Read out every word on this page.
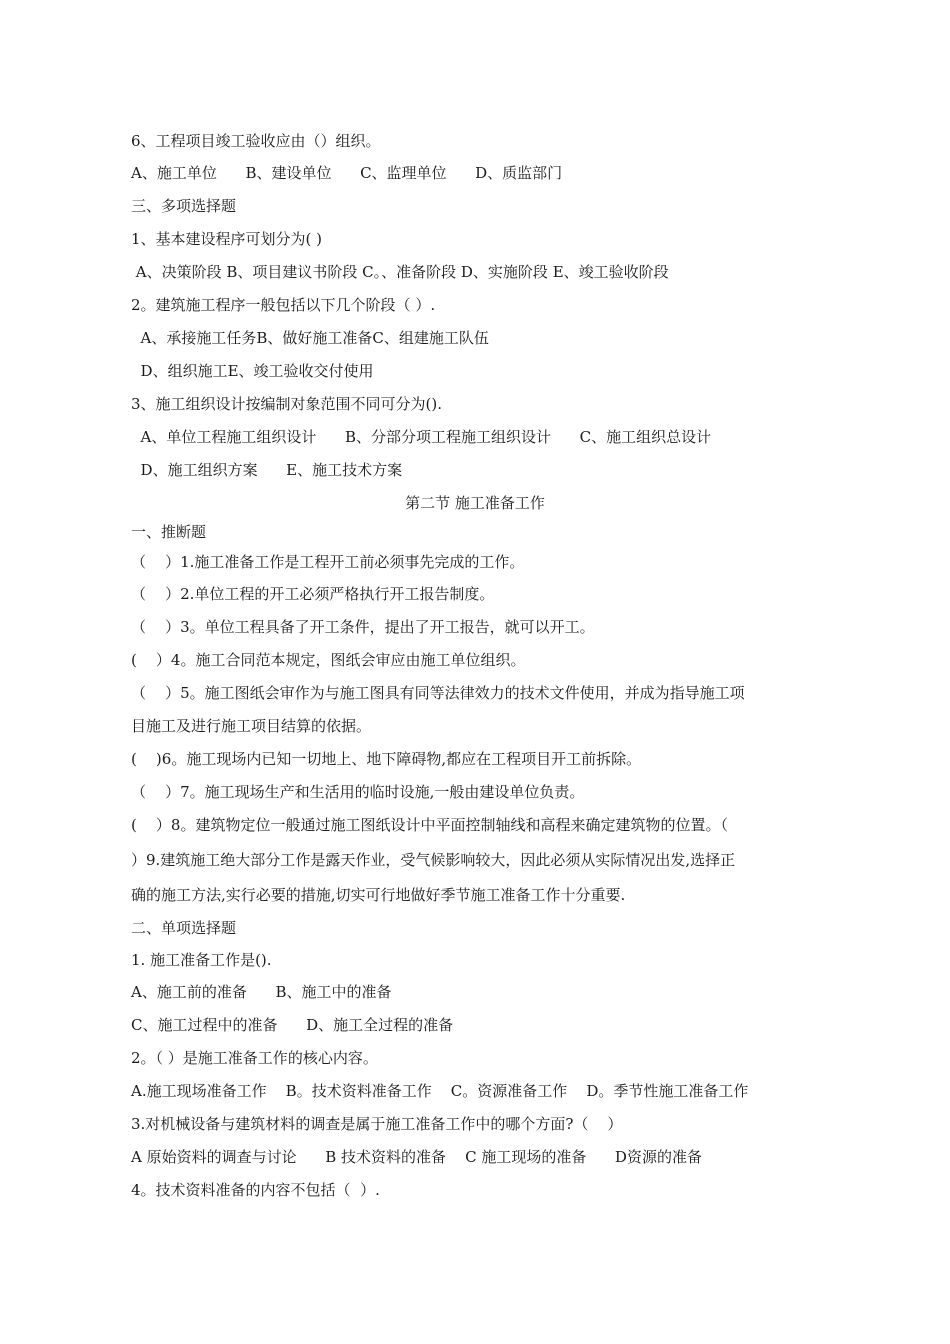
6、工程项目竣工验收应由（）组织。
A、施工单位      B、建设单位      C、监理单位      D、质监部门
三、多项选择题
1、基本建设程序可划分为( )
A、决策阶段 B、项目建议书阶段 C。、准备阶段 D、实施阶段 E、竣工验收阶段
2。建筑施工程序一般包括以下几个阶段（ ）.
A、承接施工任务B、做好施工准备C、组建施工队伍
D、组织施工E、竣工验收交付使用
3、施工组织设计按编制对象范围不同可分为().
A、单位工程施工组织设计      B、分部分项工程施工组织设计      C、施工组织总设计
D、施工组织方案      E、施工技术方案
第二节 施工准备工作
一、推断题
（    ）1.施工准备工作是工程开工前必须事先完成的工作。
（    ）2.单位工程的开工必须严格执行开工报告制度。
（    ）3。单位工程具备了开工条件，提出了开工报告，就可以开工。
(    ）4。施工合同范本规定，图纸会审应由施工单位组织。
（    ）5。施工图纸会审作为与施工图具有同等法律效力的技术文件使用，并成为指导施工项
目施工及进行施工项目结算的依据。
(    )6。施工现场内已知一切地上、地下障碍物,都应在工程项目开工前拆除。
（    ）7。施工现场生产和生活用的临时设施,一般由建设单位负责。
(    ）8。建筑物定位一般通过施工图纸设计中平面控制轴线和高程来确定建筑物的位置。（
）9.建筑施工绝大部分工作是露天作业，受气候影响较大，因此必须从实际情况出发,选择正
确的施工方法,实行必要的措施,切实可行地做好季节施工准备工作十分重要.
二、单项选择题
1. 施工准备工作是().
A、施工前的准备      B、施工中的准备
C、施工过程中的准备      D、施工全过程的准备
2。（ ）是施工准备工作的核心内容。
A.施工现场准备工作    B。技术资料准备工作    C。资源准备工作    D。季节性施工准备工作
3.对机械设备与建筑材料的调查是属于施工准备工作中的哪个方面?（    ）
A 原始资料的调查与讨论      B 技术资料的准备    C 施工现场的准备      D资源的准备
4。技术资料准备的内容不包括（  ）.
